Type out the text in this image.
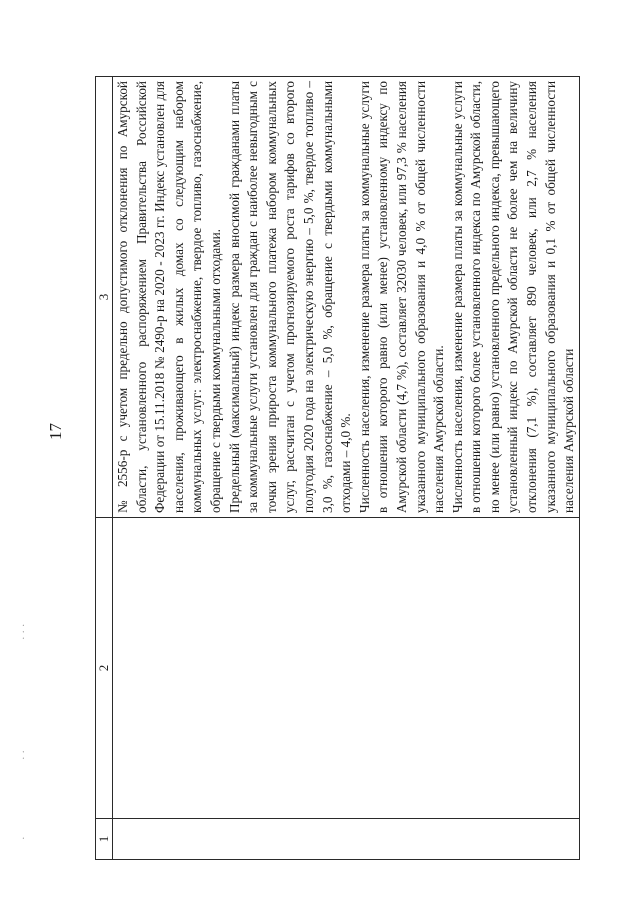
17
· · ·
· ·
·	1	2	3

		№ 2556-р с учетом предельно допустимого отклонения по Амурской области, установленного распоряжением Правительства Российской Федерации от 15.11.2018 № 2490-р на 2020 - 2023 гг. Индекс установлен для населения, проживающего в жилых домах со следующим набором коммунальных услуг: электроснабжение, твердое топливо, газоснабжение, обращение с твердыми коммунальными отходами. Предельный (максимальный) индекс размера вносимой гражданами платы за коммунальные услуги установлен для граждан с наиболее невыгодным с точки зрения прироста коммунального платежа набором коммунальных услуг, рассчитан с учетом прогнозируемого роста тарифов со второго полугодия 2020 года на электрическую энергию – 5,0 %, твердое топливо – 3,0 %, газоснабжение – 5,0 %, обращение с твердыми коммунальными отходами – 4,0 %. Численность населения, изменение размера платы за коммунальные услуги в отношении которого равно (или менее) установленному индексу по Амурской области (4,7 %), составляет 32030 человек, или 97,3 % населения указанного муниципального образования и 4,0 % от общей численности населения Амурской области. Численность населения, изменение размера платы за коммунальные услуги в отношении которого более установленного индекса по Амурской области, но менее (или равно) установленного предельного индекса, превышающего установленный индекс по Амурской области не более чем на величину отклонения (7,1 %), составляет 890 человек, или 2,7 % населения указанного муниципального образования и 0,1 % от общей численности населения Амурской области
